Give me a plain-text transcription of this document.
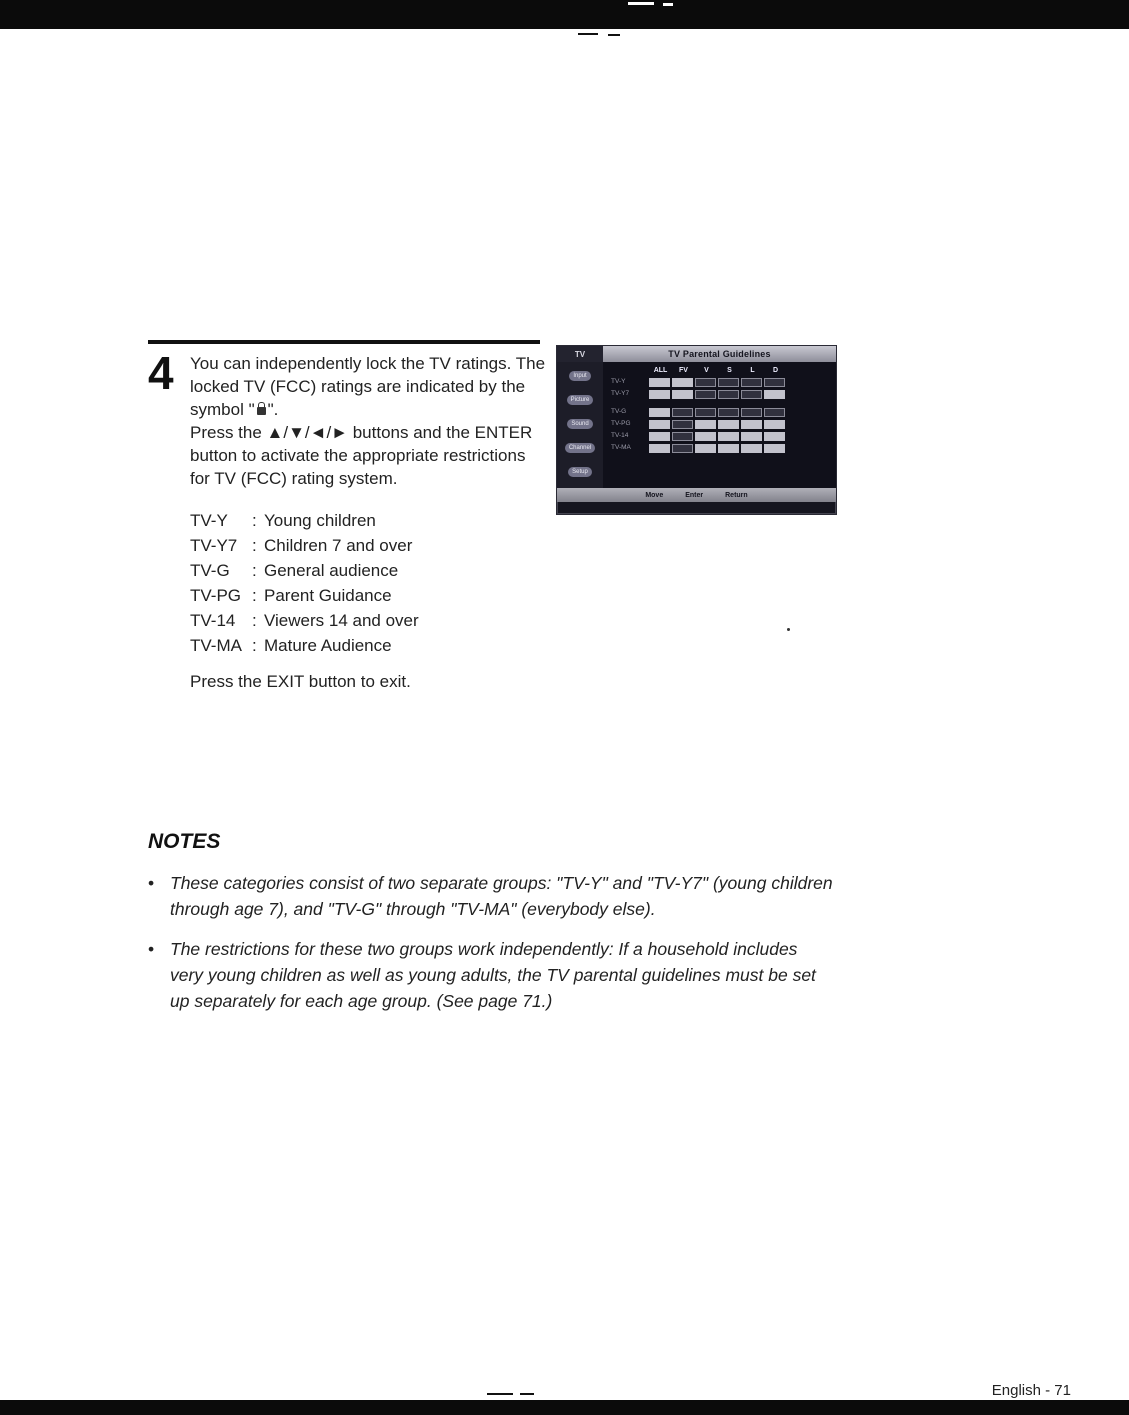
4 You can independently lock the TV ratings. The locked TV (FCC) ratings are indicated by the symbol " ".
Press the ▲/▼/◄/► buttons and the ENTER button to activate the appropriate restrictions for TV (FCC) rating system.
TV-Y	: Young children
TV-Y7 : Children 7 and over
TV-G	: General audience
TV-PG : Parent Guidance
TV-14 : Viewers 14 and over
TV-MA : Mature Audience
Press the EXIT button to exit.
NOTES
• These categories consist of two separate groups: "TV-Y" and "TV-Y7" (young children through age 7), and "TV-G" through "TV-MA" (everybody else).
• The restrictions for these two groups work independently: If a household includes very young children as well as young adults, the TV parental guidelines must be set up separately for each age group. (See page 71.)
English - 71
TV	TV Parental Guidelines
Input
Picture
Sound
Channel
Setup
ALL	FV	V	S	L	D
TV-Y
TV-Y7
TV-G
TV-PG
TV-14
TV-MA
Move	Enter	Return
